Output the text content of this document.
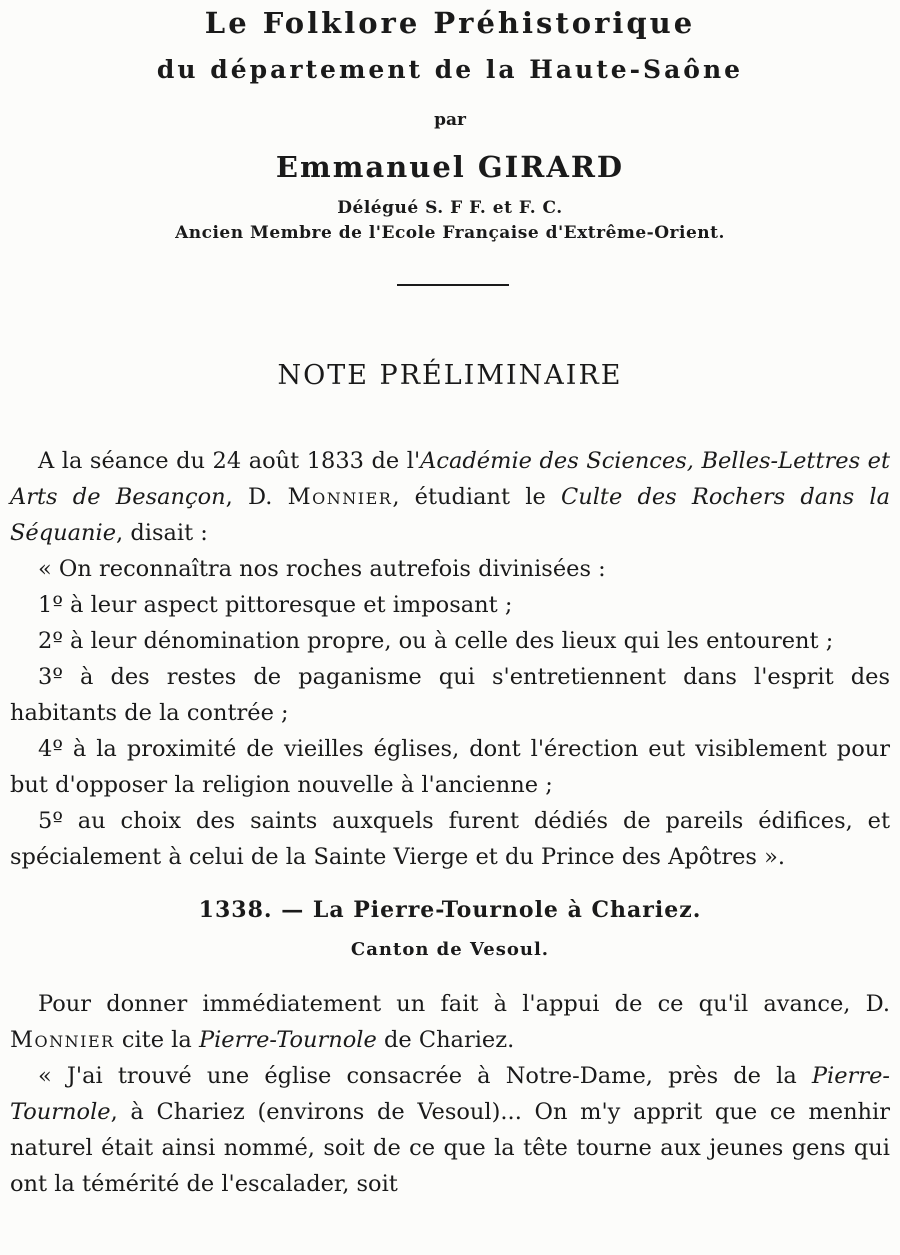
Le Folklore Préhistorique
du département de la Haute-Saône
par
Emmanuel GIRARD
Délégué S. F F. et F. C.
Ancien Membre de l'Ecole Française d'Extrême-Orient.
NOTE PRÉLIMINAIRE

A la séance du 24 août 1833 de l'Académie des Sciences, Belles-Lettres et Arts de Besançon, D. Monnier, étudiant le Culte des Rochers dans la Séquanie, disait :

« On reconnaîtra nos roches autrefois divinisées :

1º à leur aspect pittoresque et imposant ;

2º à leur dénomination propre, ou à celle des lieux qui les entourent ;

3º à des restes de paganisme qui s'entretiennent dans l'esprit des habitants de la contrée ;

4º à la proximité de vieilles églises, dont l'érection eut visiblement pour but d'opposer la religion nouvelle à l'ancienne ;

5º au choix des saints auxquels furent dédiés de pareils édifices, et spécialement à celui de la Sainte Vierge et du Prince des Apôtres ».

1338. — La Pierre-Tournole à Chariez.
Canton de Vesoul.

Pour donner immédiatement un fait à l'appui de ce qu'il avance, D. Monnier cite la Pierre-Tournole de Chariez.

« J'ai trouvé une église consacrée à Notre-Dame, près de la Pierre-Tournole, à Chariez (environs de Vesoul)... On m'y apprit que ce menhir naturel était ainsi nommé, soit de ce que la tête tourne aux jeunes gens qui ont la témérité de l'escalader, soit
